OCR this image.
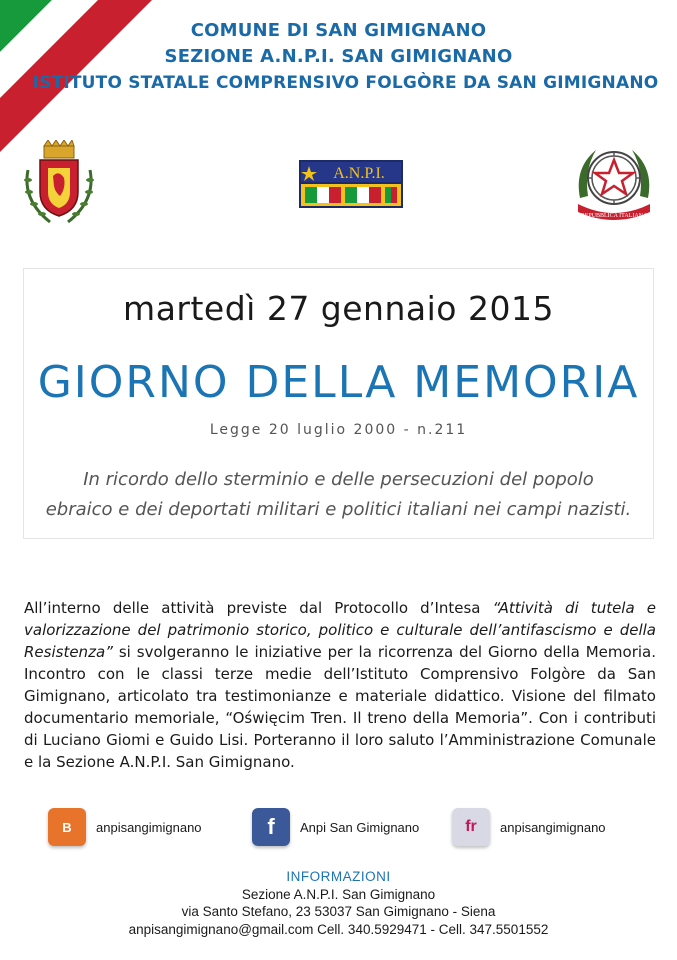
COMUNE DI SAN GIMIGNANO
SEZIONE A.N.P.I. SAN GIMIGNANO
ISTITUTO STATALE COMPRENSIVO FOLGÒRE DA SAN GIMIGNANO
A.N.P.I.
REPUBBLICA ITALIANA
martedì 27 gennaio 2015
GIORNO DELLA MEMORIA
Legge 20 luglio 2000 - n.211
In ricordo dello sterminio e delle persecuzioni del popolo
ebraico e dei deportati militari e politici italiani nei campi nazisti.
All’interno delle attività previste dal Protocollo d’Intesa “Attività di tutela e valorizzazione del patrimonio storico, politico e culturale dell’antifascismo e della Resistenza” si svolgeranno le iniziative per la ricorrenza del Giorno della Memoria. Incontro con le classi terze medie dell’Istituto Comprensivo Folgòre da San Gimignano, articolato tra testimonianze e materiale didattico. Visione del filmato documentario memoriale, “Oświęcim Tren. Il treno della Memoria”. Con i contributi di Luciano Giomi e Guido Lisi. Porteranno il loro saluto l’Amministrazione Comunale e la Sezione A.N.P.I. San Gimignano.
B	anpisangimignano	f	Anpi San Gimignano	fr	anpisangimignano
INFORMAZIONI
Sezione A.N.P.I. San Gimignano
via Santo Stefano, 23 53037 San Gimignano - Siena
anpisangimignano@gmail.com Cell. 340.5929471 - Cell. 347.5501552
